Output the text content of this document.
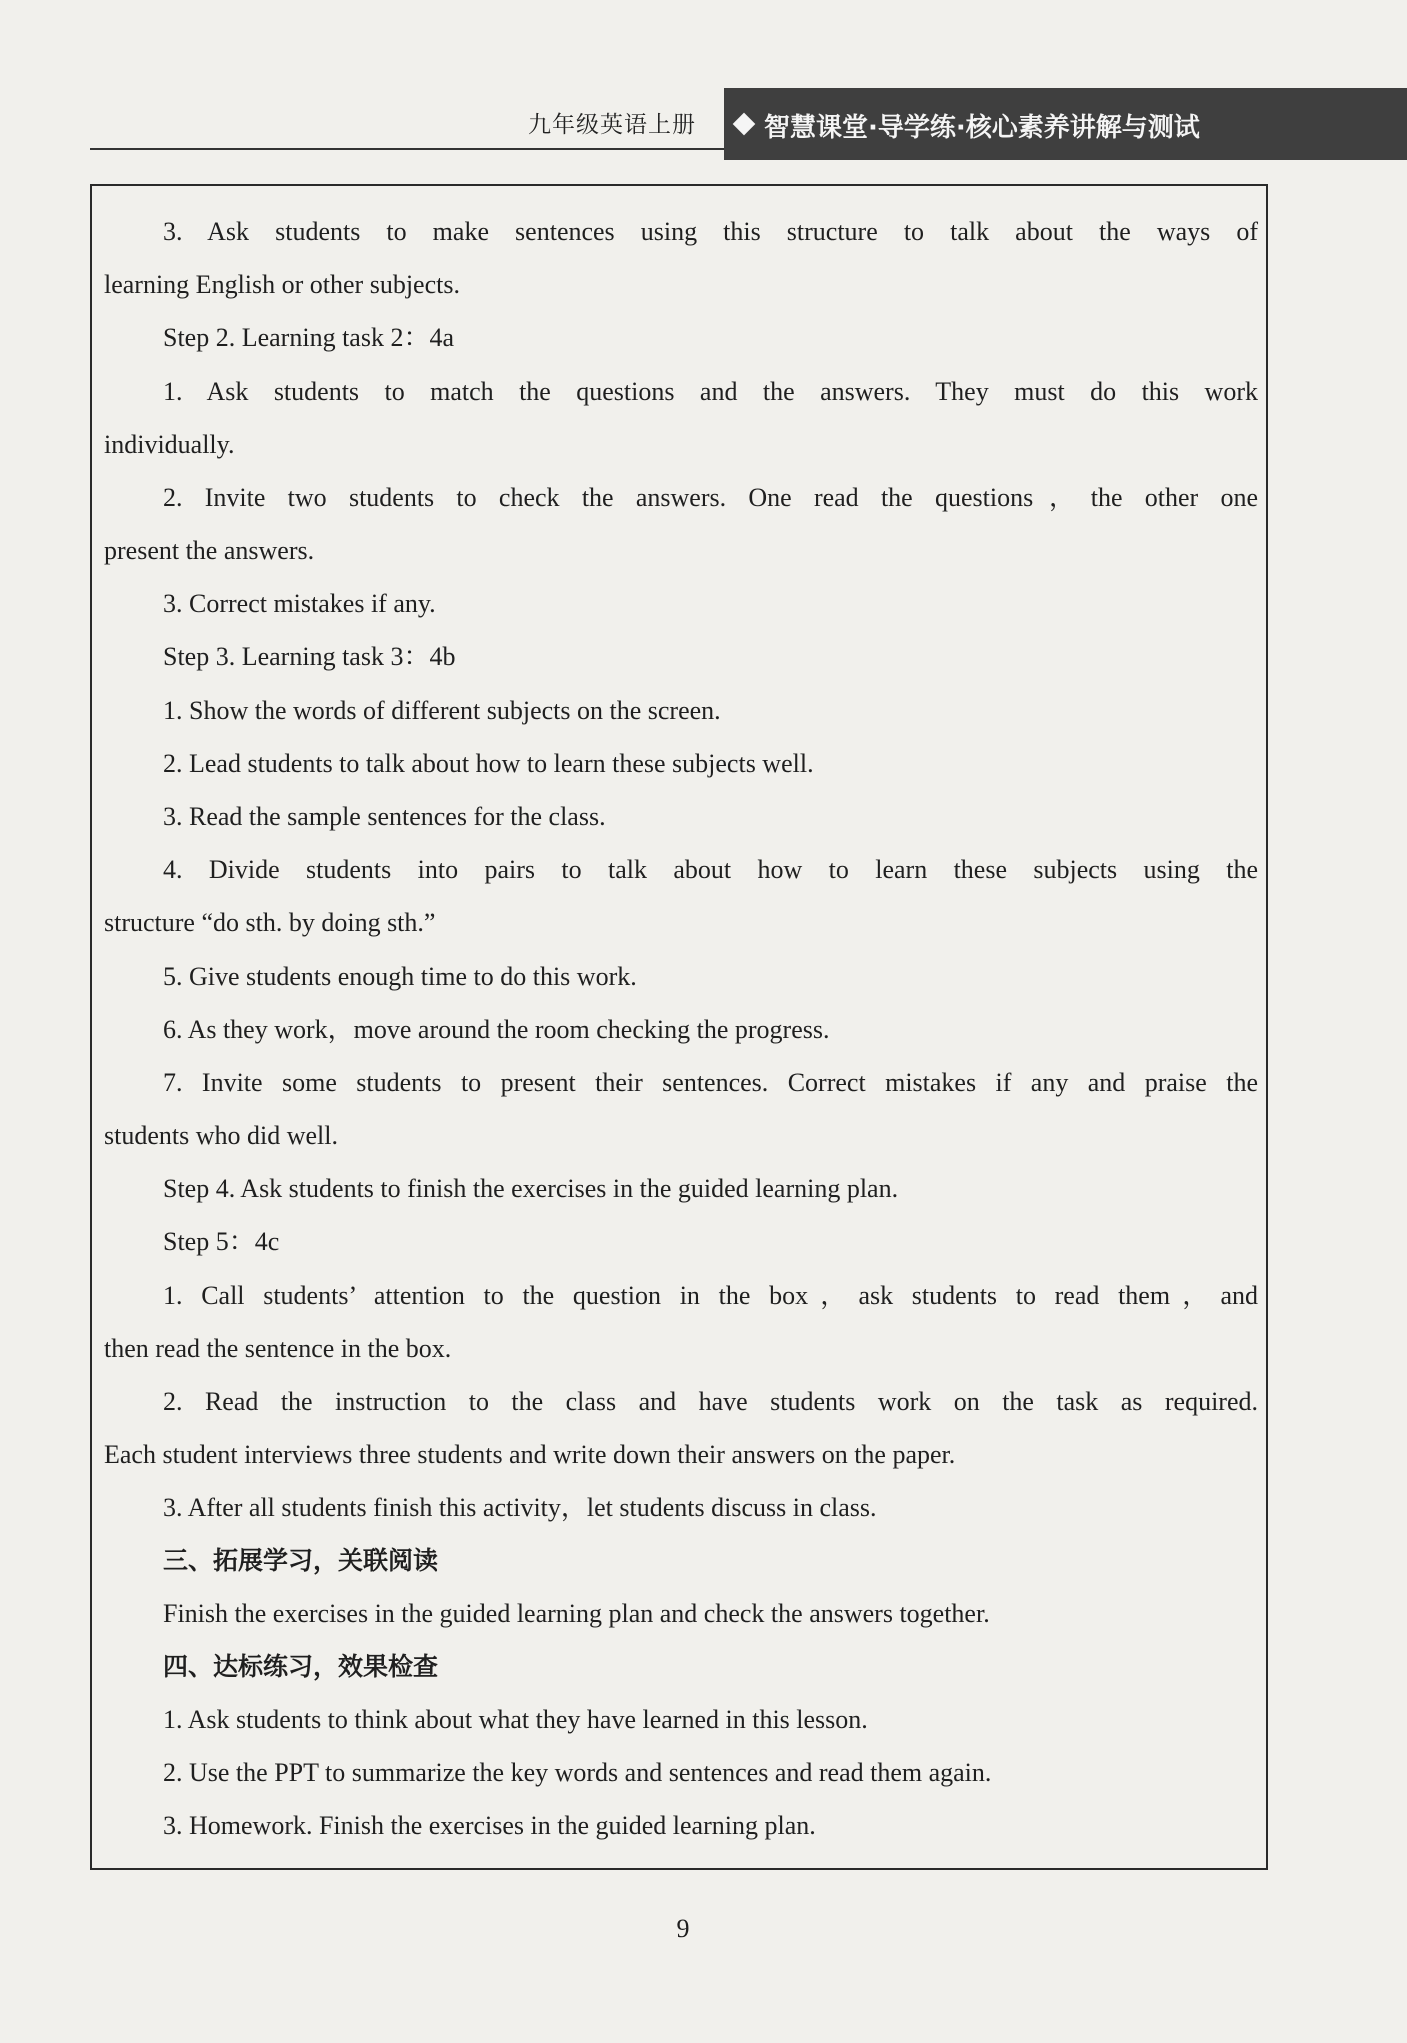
九年级英语上册	智慧课堂·导学练·核心素养讲解与测试
3. Ask students to make sentences using this structure to talk about the ways of
learning English or other subjects.
Step 2. Learning task 2：4a
1. Ask students to match the questions and the answers. They must do this work
individually.
2. Invite two students to check the answers. One read the questions，the other one
present the answers.
3. Correct mistakes if any.
Step 3. Learning task 3：4b
1. Show the words of different subjects on the screen.
2. Lead students to talk about how to learn these subjects well.
3. Read the sample sentences for the class.
4. Divide students into pairs to talk about how to learn these subjects using the
structure “do sth. by doing sth.”
5. Give students enough time to do this work.
6. As they work，move around the room checking the progress.
7. Invite some students to present their sentences. Correct mistakes if any and praise the
students who did well.
Step 4. Ask students to finish the exercises in the guided learning plan.
Step 5：4c
1. Call students’ attention to the question in the box，ask students to read them，and
then read the sentence in the box.
2. Read the instruction to the class and have students work on the task as required.
Each student interviews three students and write down their answers on the paper.
3. After all students finish this activity，let students discuss in class.
三、拓展学习，关联阅读
Finish the exercises in the guided learning plan and check the answers together.
四、达标练习，效果检查
1. Ask students to think about what they have learned in this lesson.
2. Use the PPT to summarize the key words and sentences and read them again.
3. Homework. Finish the exercises in the guided learning plan.
9
